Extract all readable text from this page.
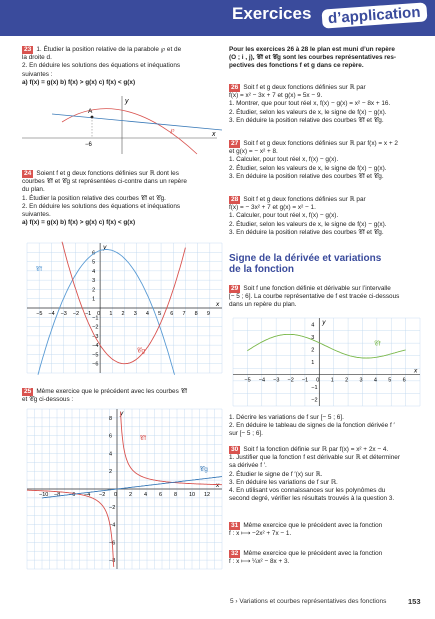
Exercices	d’application

23 1. Étudier la position relative de la parabole ℘ et de

la droite d.

2. En déduire les solutions des équations et inéquations

suivantes :

a) f(x) = g(x) b) f(x) > g(x) c) f(x) < g(x)

y
x
A
−6
℘

24 Soient f et g deux fonctions définies sur ℝ dont les

courbes 𝒞f et 𝒞g st représentées ci-contre dans un repère

du plan.

1. Étudier la position relative des courbes 𝒞f et 𝒞g.

2. En déduire les solutions des équations et inéquations

suivantes.

a) f(x) = g(x) b) f(x) > g(x) c) f(x) < g(x)

y
x
−5 −4 −3 −2 −1 0 1 2 3 4 5 6 7 8 9
6
5
4
3
2
1
−1
−2
−3
−4
−5
−6
𝒞f
𝒞g

25 Même exercice que le précédent avec les courbes 𝒞f

et 𝒞g ci-dessous :

y
x
−10 −8 −6 −4 −2 0 2 4 6 8 10 12
8
6
4
2
−2
−4
−6
−8
𝒞f
𝒞g

Pour les exercices 26 à 28 le plan est muni d’un repère

(O ; i , j), 𝒞f et 𝒞g sont les courbes représentatives res-

pectives des fonctions f et g dans ce repère.

26 Soit f et g deux fonctions définies sur ℝ par

f(x) = x² − 3x + 7 et g(x) = 5x − 9.

1. Montrer, que pour tout réel x, f(x) − g(x) = x² − 8x + 16.

2. Étudier, selon les valeurs de x, le signe de f(x) − g(x).

3. En déduire la position relative des courbes 𝒞f et 𝒞g.

27 Soit f et g deux fonctions définies sur ℝ par f(x) = x + 2

et g(x) = − x² + 8.

1. Calculer, pour tout réel x, f(x) − g(x).

2. Étudier, selon les valeurs de x, le signe de f(x) − g(x).

3. En déduire la position relative des courbes 𝒞f et 𝒞g.

28 Soit f et g deux fonctions définies sur ℝ par

f(x) = − 3x² + 7 et g(x) = x² − 1.

1. Calculer, pour tout réel x, f(x) − g(x).

2. Étudier, selon les valeurs de x, le signe de f(x) − g(x).

3. En déduire la position relative des courbes 𝒞f et 𝒞g.

Signe de la dérivée et variations
de la fonction

29 Soit f une fonction définie et dérivable sur l’intervalle

[− 5 ; 6]. La courbe représentative de f est tracée ci-dessous

dans un repère du plan.

y
x
−5 −4 −3 −2 −1 0 1 2 3 4 5 6
4
3
2
1
−1
−2
𝒞f

1. Décrire les variations de f sur [− 5 ; 6].

2. En déduire le tableau de signes de la fonction dérivée f ′

sur [− 5 ; 6].

30 Soit f la fonction définie sur ℝ par f(x) = x² + 2x − 4.

1. Justifier que la fonction f est dérivable sur ℝ et déterminer

sa dérivée f ′.

2. Étudier le signe de f ′(x) sur ℝ.

3. En déduire les variations de f sur ℝ.

4. En utilisant vos connaissances sur les polynômes du

second degré, vérifier les résultats trouvés à la question 3.

31 Même exercice que le précédent avec la fonction

f : x ⟼ −2x² + 7x − 1.

32 Même exercice que le précédent avec la fonction

f : x ⟼ ¼x² − 8x + 3.

5 › Variations et courbes représentatives des fonctions	153
